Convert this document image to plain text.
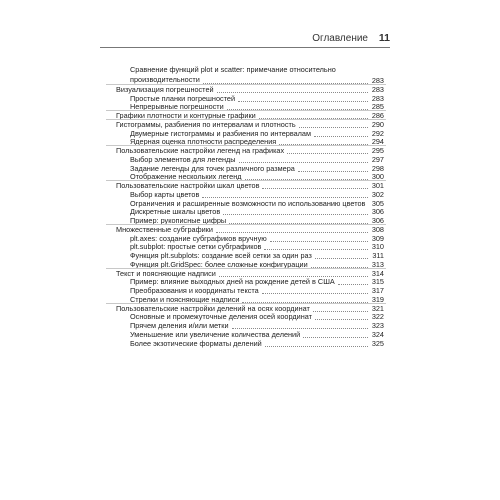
Оглавление 11
Сравнение функций plot и scatter: примечание относительно производительности	283
Визуализация погрешностей	283
Простые планки погрешностей	283
Непрерывные погрешности	285
Графики плотности и контурные графики	286
Гистограммы, разбиения по интервалам и плотность	290
Двумерные гистограммы и разбиения по интервалам	292
Ядерная оценка плотности распределения	294
Пользовательские настройки легенд на графиках	295
Выбор элементов для легенды	297
Задание легенды для точек различного размера	298
Отображение нескольких легенд	300
Пользовательские настройки шкал цветов	301
Выбор карты цветов	302
Ограничения и расширенные возможности по использованию цветов 305
Дискретные шкалы цветов	306
Пример: рукописные цифры	306
Множественные субграфики	308
plt.axes: создание субграфиков вручную	309
plt.subplot: простые сетки субграфиков	310
Функция plt.subplots: создание всей сетки за один раз	311
Функция plt.GridSpec: более сложные конфигурации	313
Текст и поясняющие надписи	314
Пример: влияние выходных дней на рождение детей в США	315
Преобразования и координаты текста	317
Стрелки и поясняющие надписи	319
Пользовательские настройки делений на осях координат	321
Основные и промежуточные деления осей координат	322
Прячем деления и/или метки	323
Уменьшение или увеличение количества делений	324
Более экзотические форматы делений	325
